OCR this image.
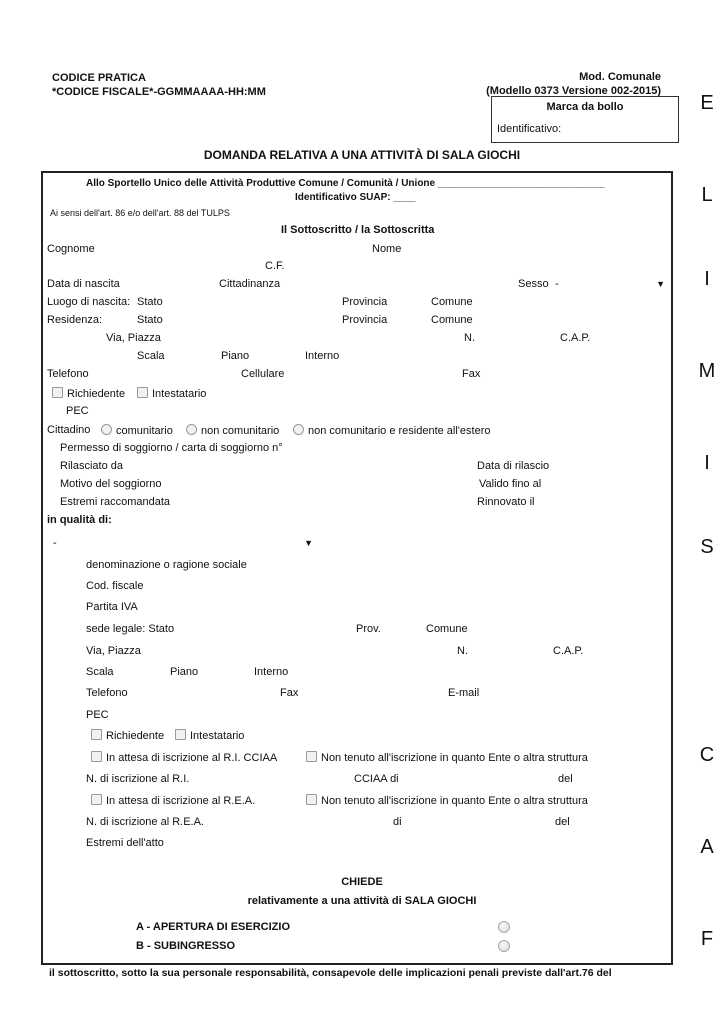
CODICE PRATICA
*CODICE FISCALE*-GGMMAAAA-HH:MM
Mod. Comunale
(Modello 0373 Versione 002-2015)
Marca da bollo
Identificativo:
DOMANDA RELATIVA A UNA ATTIVITÀ DI SALA GIOCHI
E
L
I
M
I
S
C
A
F
Allo Sportello Unico delle Attività Produttive Comune / Comunità / Unione ______________________________
Identificativo SUAP: ____
Ai sensi dell'art. 86 e/o dell'art. 88 del TULPS
Il Sottoscritto / la Sottoscritta
Cognome	Nome
C.F.
Data di nascita	Cittadinanza	Sesso -	▼
Luogo di nascita: Stato	Provincia	Comune
Residenza:	Stato	Provincia	Comune
Via, Piazza	N.	C.A.P.
Scala	Piano	Interno
Telefono	Cellulare	Fax
Richiedente	Intestatario
PEC
Cittadino	comunitario	non comunitario	non comunitario e residente all'estero
Permesso di soggiorno / carta di soggiorno n°
Rilasciato da	Data di rilascio
Motivo del soggiorno	Valido fino al
Estremi raccomandata	Rinnovato il
in qualità di:
-	▼
denominazione o ragione sociale
Cod. fiscale
Partita IVA
sede legale: Stato	Prov.	Comune
Via, Piazza	N.	C.A.P.
Scala	Piano	Interno
Telefono	Fax	E-mail
PEC
Richiedente	Intestatario
In attesa di iscrizione al R.I. CCIAA	Non tenuto all'iscrizione in quanto Ente o altra struttura
N. di iscrizione al R.I.	CCIAA di	del
In attesa di iscrizione al R.E.A.	Non tenuto all'iscrizione in quanto Ente o altra struttura
N. di iscrizione al R.E.A.	di	del
Estremi dell'atto
CHIEDE
relativamente a una attività di SALA GIOCHI
A - APERTURA DI ESERCIZIO
B - SUBINGRESSO
il sottoscritto, sotto la sua personale responsabilità, consapevole delle implicazioni penali previste dall'art.76 del
